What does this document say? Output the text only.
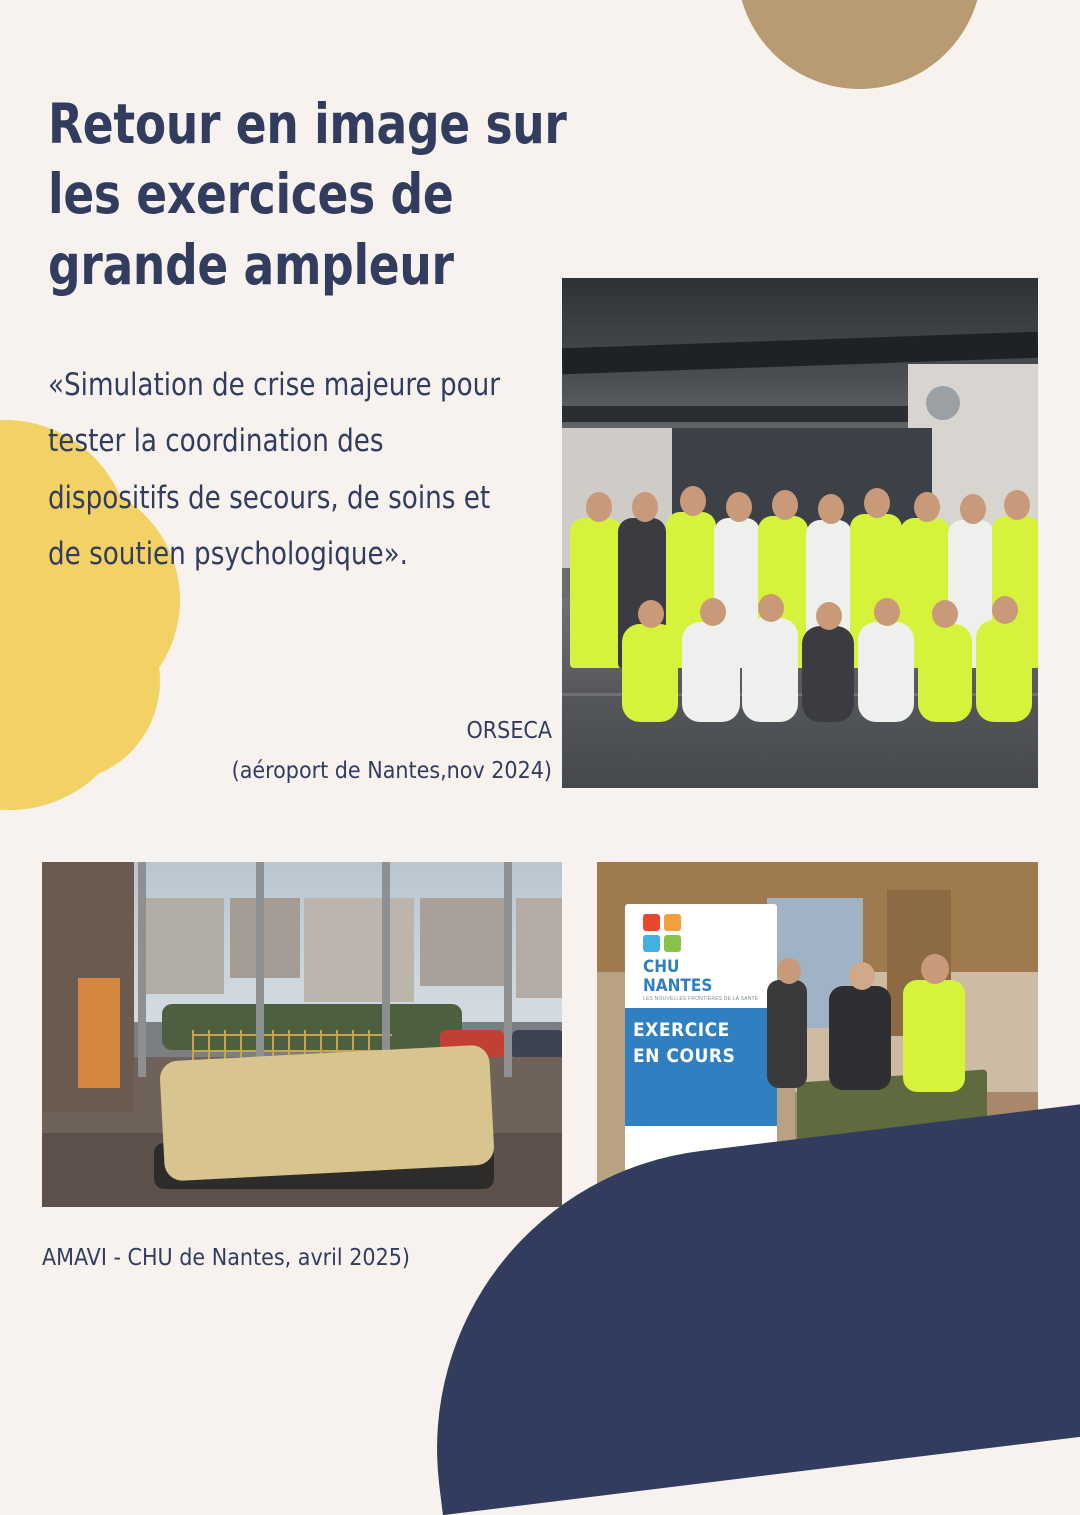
Retour en image sur les exercices de grande ampleur

«Simulation de crise majeure pour tester la coordination des dispositifs de secours, de soins et de soutien psychologique».

ORSECA
(aéroport de Nantes,nov 2024)
CHU
NANTES
LES NOUVELLES FRONTIÈRES DE LA SANTÉ
EXERCICE
EN COURS
AMAVI - CHU de Nantes, avril 2025)
